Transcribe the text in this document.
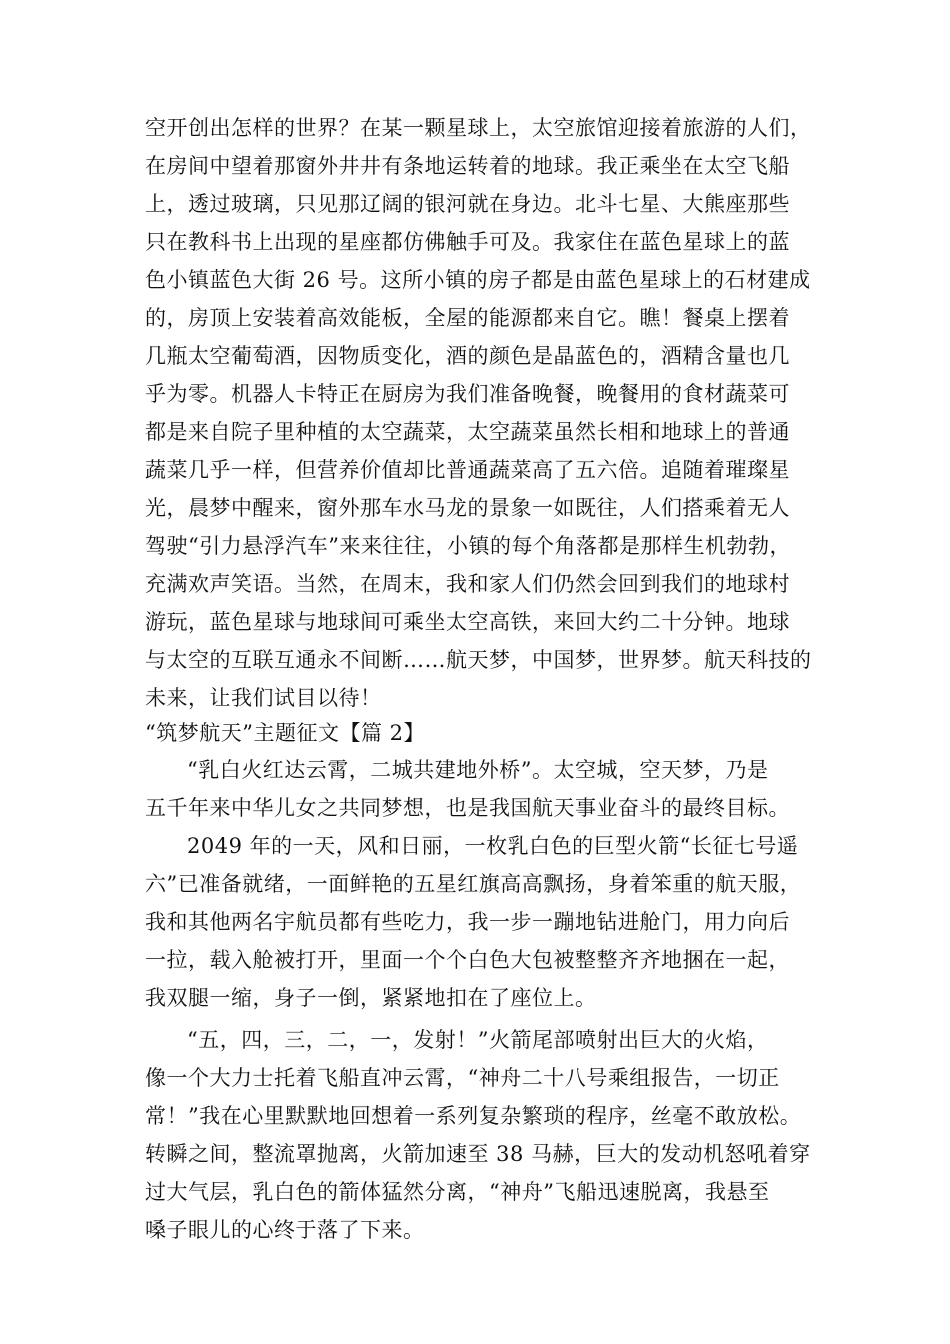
空开创出怎样的世界？在某一颗星球上，太空旅馆迎接着旅游的人们，
在房间中望着那窗外井井有条地运转着的地球。我正乘坐在太空飞船
上，透过玻璃，只见那辽阔的银河就在身边。北斗七星、大熊座那些
只在教科书上出现的星座都仿佛触手可及。我家住在蓝色星球上的蓝
色小镇蓝色大街 26 号。这所小镇的房子都是由蓝色星球上的石材建成
的，房顶上安装着高效能板，全屋的能源都来自它。瞧！餐桌上摆着
几瓶太空葡萄酒，因物质变化，酒的颜色是晶蓝色的，酒精含量也几
乎为零。机器人卡特正在厨房为我们准备晚餐，晚餐用的食材蔬菜可
都是来自院子里种植的太空蔬菜，太空蔬菜虽然长相和地球上的普通
蔬菜几乎一样，但营养价值却比普通蔬菜高了五六倍。追随着璀璨星
光，晨梦中醒来，窗外那车水马龙的景象一如既往，人们搭乘着无人
驾驶“引力悬浮汽车”来来往往，小镇的每个角落都是那样生机勃勃，
充满欢声笑语。当然，在周末，我和家人们仍然会回到我们的地球村
游玩，蓝色星球与地球间可乘坐太空高铁，来回大约二十分钟。地球
与太空的互联互通永不间断……航天梦，中国梦，世界梦。航天科技的
未来，让我们试目以待！
“筑梦航天”主题征文【篇 2】
“乳白火红达云霄，二城共建地外桥”。太空城，空天梦，乃是
五千年来中华儿女之共同梦想，也是我国航天事业奋斗的最终目标。
2049 年的一天，风和日丽，一枚乳白色的巨型火箭“长征七号遥
六”已准备就绪，一面鲜艳的五星红旗高高飘扬，身着笨重的航天服，
我和其他两名宇航员都有些吃力，我一步一蹦地钻进舱门，用力向后
一拉，载入舱被打开，里面一个个白色大包被整整齐齐地捆在一起，
我双腿一缩，身子一倒，紧紧地扣在了座位上。
“五，四，三，二，一，发射！”火箭尾部喷射出巨大的火焰，
像一个大力士托着飞船直冲云霄，“神舟二十八号乘组报告，一切正
常！”我在心里默默地回想着一系列复杂繁琐的程序，丝毫不敢放松。
转瞬之间，整流罩抛离，火箭加速至 38 马赫，巨大的发动机怒吼着穿
过大气层，乳白色的箭体猛然分离，“神舟”飞船迅速脱离，我悬至
嗓子眼儿的心终于落了下来。
